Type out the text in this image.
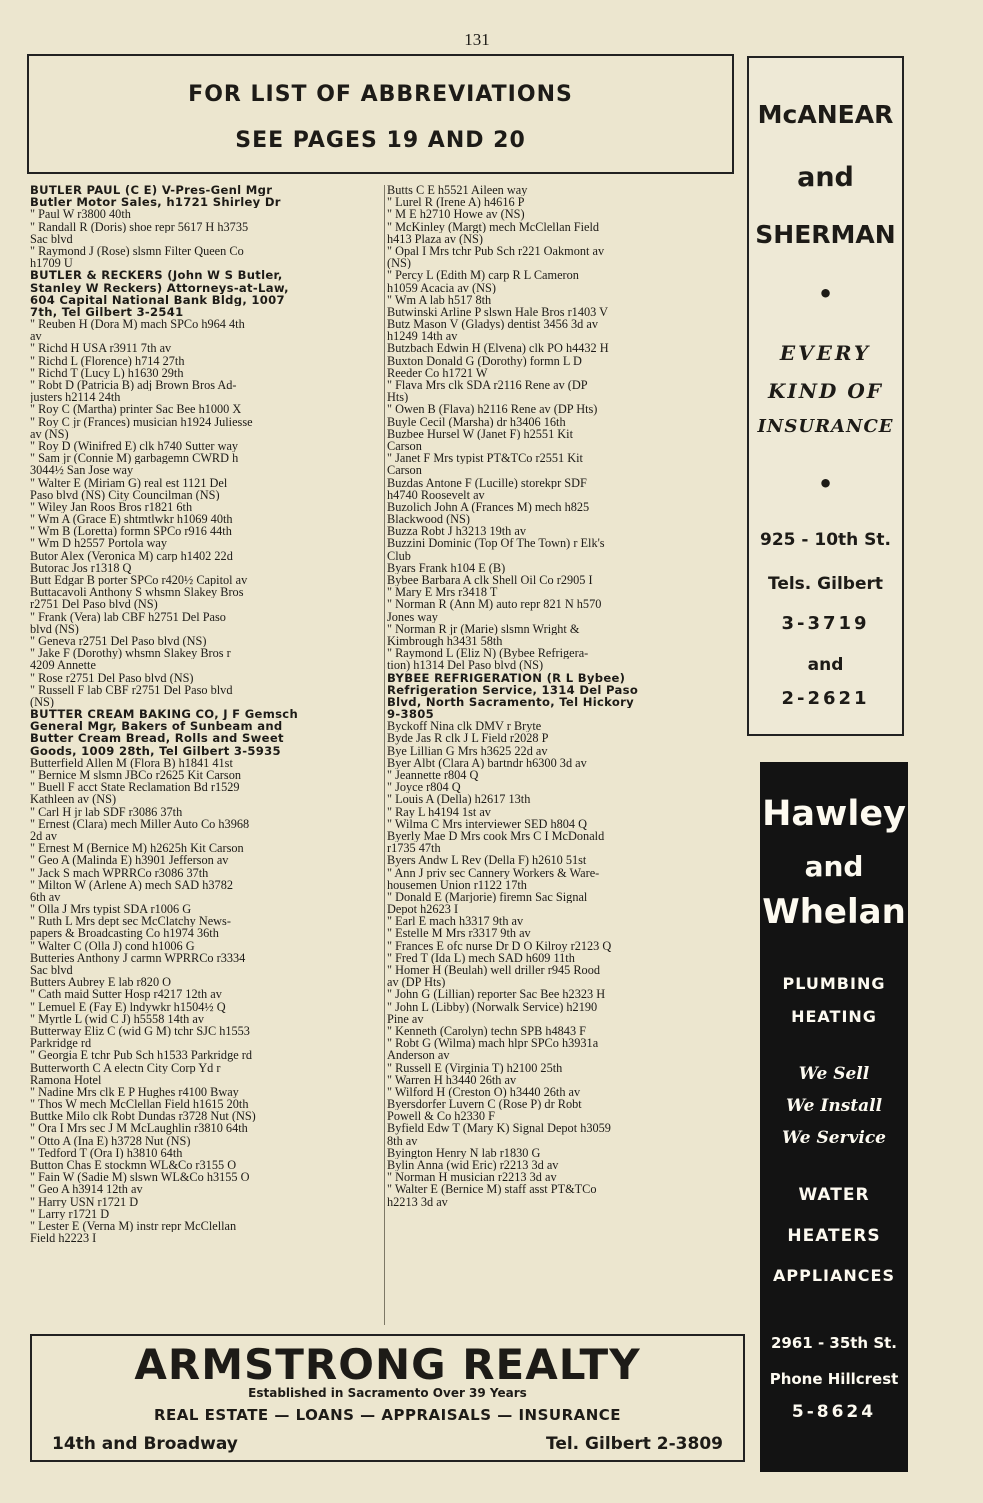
131
FOR LIST OF ABBREVIATIONS
SEE PAGES 19 AND 20
BUTLER PAUL (C E) V-Pres-Genl Mgr
Butler Motor Sales, h1721 Shirley Dr
" Paul W r3800 40th
" Randall R (Doris) shoe repr 5617 H h3735
Sac blvd
" Raymond J (Rose) slsmn Filter Queen Co
h1709 U
BUTLER & RECKERS (John W S Butler,
Stanley W Reckers) Attorneys-at-Law,
604 Capital National Bank Bldg, 1007
7th, Tel Gilbert 3-2541
" Reuben H (Dora M) mach SPCo h964 4th
av
" Richd H USA r3911 7th av
" Richd L (Florence) h714 27th
" Richd T (Lucy L) h1630 29th
" Robt D (Patricia B) adj Brown Bros Ad-
justers h2114 24th
" Roy C (Martha) printer Sac Bee h1000 X
" Roy C jr (Frances) musician h1924 Juliesse
av (NS)
" Roy D (Winifred E) clk h740 Sutter way
" Sam jr (Connie M) garbagemn CWRD h
3044½ San Jose way
" Walter E (Miriam G) real est 1121 Del
Paso blvd (NS) City Councilman (NS)
" Wiley Jan Roos Bros r1821 6th
" Wm A (Grace E) shtmtlwkr h1069 40th
" Wm B (Loretta) formn SPCo r916 44th
" Wm D h2557 Portola way
Butor Alex (Veronica M) carp h1402 22d
Butorac Jos r1318 Q
Butt Edgar B porter SPCo r420½ Capitol av
Buttacavoli Anthony S whsmn Slakey Bros
r2751 Del Paso blvd (NS)
" Frank (Vera) lab CBF h2751 Del Paso
blvd (NS)
" Geneva r2751 Del Paso blvd (NS)
" Jake F (Dorothy) whsmn Slakey Bros r
4209 Annette
" Rose r2751 Del Paso blvd (NS)
" Russell F lab CBF r2751 Del Paso blvd
(NS)
BUTTER CREAM BAKING CO, J F Gemsch
General Mgr, Bakers of Sunbeam and
Butter Cream Bread, Rolls and Sweet
Goods, 1009 28th, Tel Gilbert 3-5935
Butterfield Allen M (Flora B) h1841 41st
" Bernice M slsmn JBCo r2625 Kit Carson
" Buell F acct State Reclamation Bd r1529
Kathleen av (NS)
" Carl H jr lab SDF r3086 37th
" Ernest (Clara) mech Miller Auto Co h3968
2d av
" Ernest M (Bernice M) h2625h Kit Carson
" Geo A (Malinda E) h3901 Jefferson av
" Jack S mach WPRRCo r3086 37th
" Milton W (Arlene A) mech SAD h3782
6th av
" Olla J Mrs typist SDA r1006 G
" Ruth L Mrs dept sec McClatchy News-
papers & Broadcasting Co h1974 36th
" Walter C (Olla J) cond h1006 G
Butteries Anthony J carmn WPRRCo r3334
Sac blvd
Butters Aubrey E lab r820 O
" Cath maid Sutter Hosp r4217 12th av
" Lemuel E (Fay E) lndywkr h1504½ Q
" Myrtle L (wid C J) h5558 14th av
Butterway Eliz C (wid G M) tchr SJC h1553
Parkridge rd
" Georgia E tchr Pub Sch h1533 Parkridge rd
Butterworth C A electn City Corp Yd r
Ramona Hotel
" Nadine Mrs clk E P Hughes r4100 Bway
" Thos W mech McClellan Field h1615 20th
Buttke Milo clk Robt Dundas r3728 Nut (NS)
" Ora I Mrs sec J M McLaughlin r3810 64th
" Otto A (Ina E) h3728 Nut (NS)
" Tedford T (Ora I) h3810 64th
Button Chas E stockmn WL&Co r3155 O
" Fain W (Sadie M) slswn WL&Co h3155 O
" Geo A h3914 12th av
" Harry USN r1721 D
" Larry r1721 D
" Lester E (Verna M) instr repr McClellan
Field h2223 I
Butts C E h5521 Aileen way
" Lurel R (Irene A) h4616 P
" M E h2710 Howe av (NS)
" McKinley (Margt) mech McClellan Field
h413 Plaza av (NS)
" Opal I Mrs tchr Pub Sch r221 Oakmont av
(NS)
" Percy L (Edith M) carp R L Cameron
h1059 Acacia av (NS)
" Wm A lab h517 8th
Butwinski Arline P slswn Hale Bros r1403 V
Butz Mason V (Gladys) dentist 3456 3d av
h1249 14th av
Butzbach Edwin H (Elvena) clk PO h4432 H
Buxton Donald G (Dorothy) formn L D
Reeder Co h1721 W
" Flava Mrs clk SDA r2116 Rene av (DP
Hts)
" Owen B (Flava) h2116 Rene av (DP Hts)
Buyle Cecil (Marsha) dr h3406 16th
Buzbee Hursel W (Janet F) h2551 Kit
Carson
" Janet F Mrs typist PT&TCo r2551 Kit
Carson
Buzdas Antone F (Lucille) storekpr SDF
h4740 Roosevelt av
Buzolich John A (Frances M) mech h825
Blackwood (NS)
Buzza Robt J h3213 19th av
Buzzini Dominic (Top Of The Town) r Elk's
Club
Byars Frank h104 E (B)
Bybee Barbara A clk Shell Oil Co r2905 I
" Mary E Mrs r3418 T
" Norman R (Ann M) auto repr 821 N h570
Jones way
" Norman R jr (Marie) slsmn Wright &
Kimbrough h3431 58th
" Raymond L (Eliz N) (Bybee Refrigera-
tion) h1314 Del Paso blvd (NS)
BYBEE REFRIGERATION (R L Bybee)
Refrigeration Service, 1314 Del Paso
Blvd, North Sacramento, Tel Hickory
9-3805
Byckoff Nina clk DMV r Bryte
Byde Jas R clk J L Field r2028 P
Bye Lillian G Mrs h3625 22d av
Byer Albt (Clara A) bartndr h6300 3d av
" Jeannette r804 Q
" Joyce r804 Q
" Louis A (Della) h2617 13th
" Ray L h4194 1st av
" Wilma C Mrs interviewer SED h804 Q
Byerly Mae D Mrs cook Mrs C I McDonald
r1735 47th
Byers Andw L Rev (Della F) h2610 51st
" Ann J priv sec Cannery Workers & Ware-
housemen Union r1122 17th
" Donald E (Marjorie) firemn Sac Signal
Depot h2623 I
" Earl E mach h3317 9th av
" Estelle M Mrs r3317 9th av
" Frances E ofc nurse Dr D O Kilroy r2123 Q
" Fred T (Ida L) mech SAD h609 11th
" Homer H (Beulah) well driller r945 Rood
av (DP Hts)
" John G (Lillian) reporter Sac Bee h2323 H
" John L (Libby) (Norwalk Service) h2190
Pine av
" Kenneth (Carolyn) techn SPB h4843 F
" Robt G (Wilma) mach hlpr SPCo h3931a
Anderson av
" Russell E (Virginia T) h2100 25th
" Warren H h3440 26th av
" Wilford H (Creston O) h3440 26th av
Byersdorfer Luvern C (Rose P) dr Robt
Powell & Co h2330 F
Byfield Edw T (Mary K) Signal Depot h3059
8th av
Byington Henry N lab r1830 G
Bylin Anna (wid Eric) r2213 3d av
" Norman H musician r2213 3d av
" Walter E (Bernice M) staff asst PT&TCo
h2213 3d av
McANEAR
and
SHERMAN
•
EVERY
KIND OF
INSURANCE
•
925 - 10th St.
Tels. Gilbert
3-3719
and
2-2621
Hawley
and
Whelan
PLUMBING
HEATING
We Sell
We Install
We Service
WATER
HEATERS
APPLIANCES
2961 - 35th St.
Phone Hillcrest
5-8624
ARMSTRONG REALTY
Established in Sacramento Over 39 Years
REAL ESTATE — LOANS — APPRAISALS — INSURANCE
14th and Broadway	Tel. Gilbert 2-3809
